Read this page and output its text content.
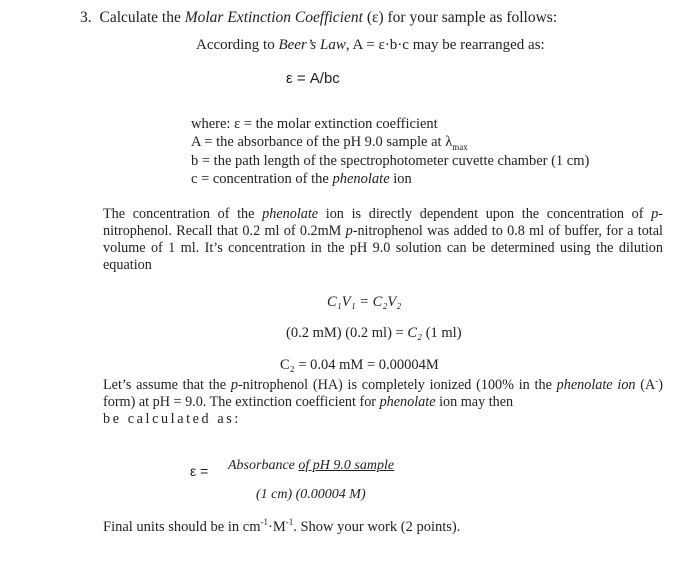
3. Calculate the Molar Extinction Coefficient (ε) for your sample as follows:
According to Beer’s Law, A = ε·b·c may be rearranged as:
ε = A/bc
where: ε = the molar extinction coefficient
A = the absorbance of the pH 9.0 sample at $\lambda_{max}$
b = the path length of the spectrophotometer cuvette chamber (1 cm)
c = concentration of the phenolate ion
The concentration of the phenolate ion is directly dependent upon the concentration of p- nitrophenol. Recall that 0.2 ml of 0.2mM p-nitrophenol was added to 0.8 ml of buffer, for a total volume of 1 ml. It’s concentration in the pH 9.0 solution can be determined using the dilution equation
C₁V₁ = C₂V₂
(0.2 mM) (0.2 ml) = C₂ (1 ml)
C₂ = 0.04 mM = 0.00004M
Let’s assume that the p-nitrophenol (HA) is completely ionized (100% in the phenolate ion (A-) form) at pH = 9.0. The extinction coefficient for phenolate ion may then
be calculated as:
ε = Absorbance of pH 9.0 sample
(1 cm) (0.00004 M)
Final units should be in $cm^{-1}\cdot M^{-1}$. Show your work (2 points).
